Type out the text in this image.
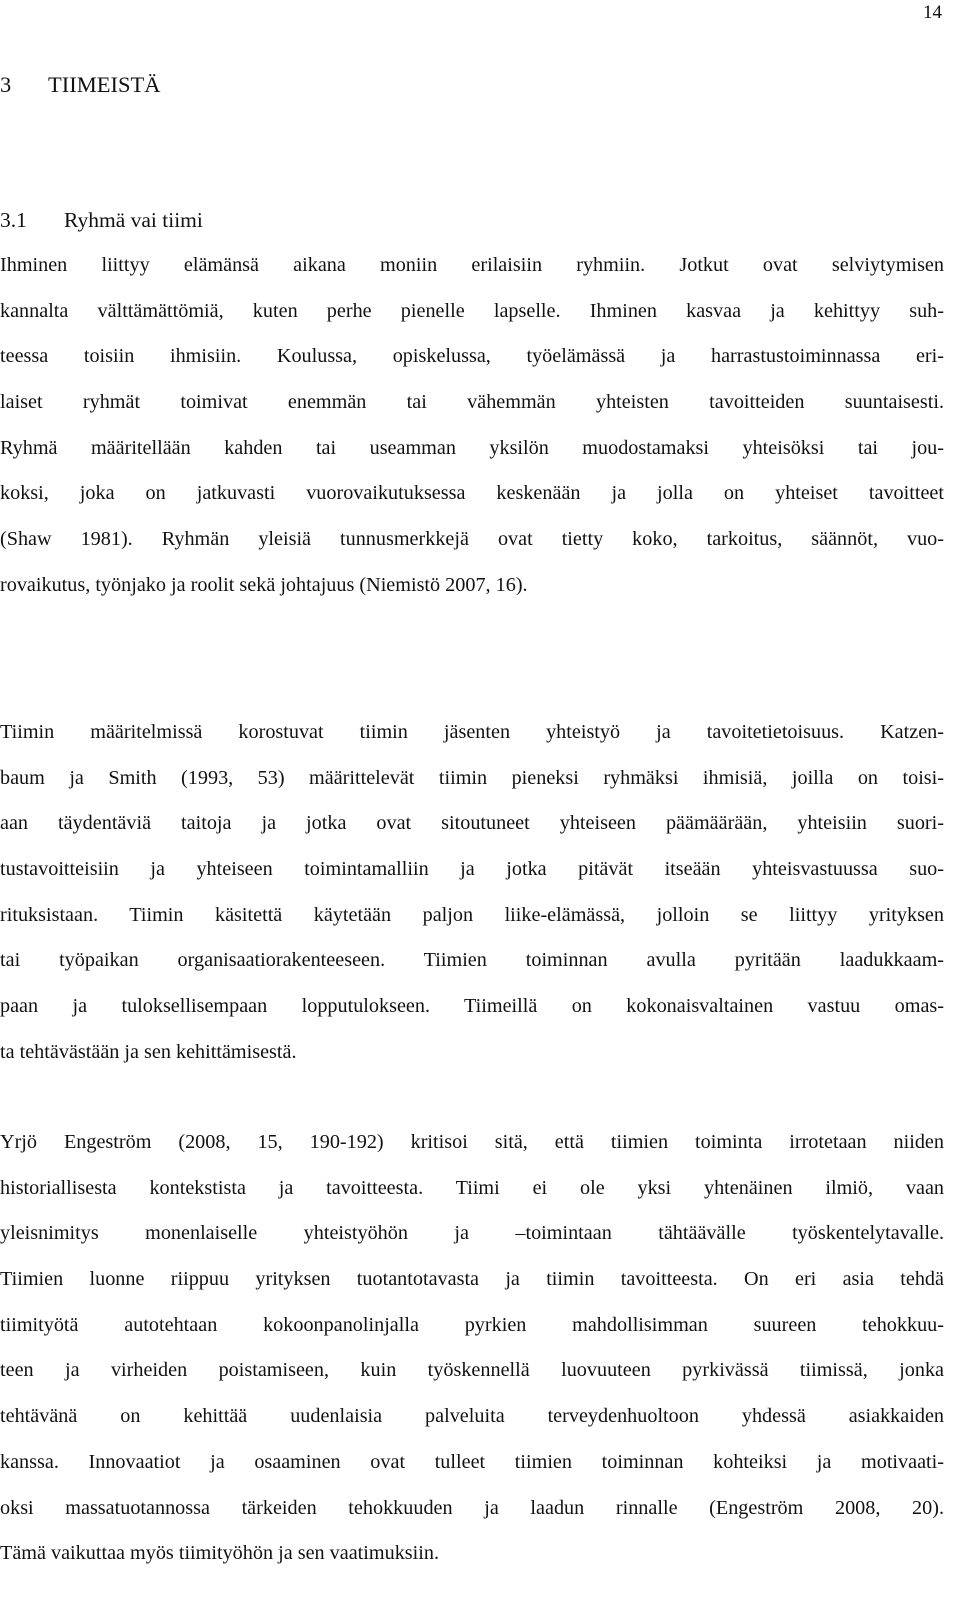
14
3 TIIMEISTÄ
3.1 Ryhmä vai tiimi
Ihminen liittyy elämänsä aikana moniin erilaisiin ryhmiin. Jotkut ovat selviytymisen
kannalta välttämättömiä, kuten perhe pienelle lapselle. Ihminen kasvaa ja kehittyy suh-
teessa toisiin ihmisiin. Koulussa, opiskelussa, työelämässä ja harrastustoiminnassa eri-
laiset ryhmät toimivat enemmän tai vähemmän yhteisten tavoitteiden suuntaisesti.
Ryhmä määritellään kahden tai useamman yksilön muodostamaksi yhteisöksi tai jou-
koksi, joka on jatkuvasti vuorovaikutuksessa keskenään ja jolla on yhteiset tavoitteet
(Shaw 1981). Ryhmän yleisiä tunnusmerkkejä ovat tietty koko, tarkoitus, säännöt, vuo-
rovaikutus, työnjako ja roolit sekä johtajuus (Niemistö 2007, 16).
Tiimin määritelmissä korostuvat tiimin jäsenten yhteistyö ja tavoitetietoisuus. Katzen-
baum ja Smith (1993, 53) määrittelevät tiimin pieneksi ryhmäksi ihmisiä, joilla on toisi-
aan täydentäviä taitoja ja jotka ovat sitoutuneet yhteiseen päämäärään, yhteisiin suori-
tustavoitteisiin ja yhteiseen toimintamalliin ja jotka pitävät itseään yhteisvastuussa suo-
rituksistaan. Tiimin käsitettä käytetään paljon liike-elämässä, jolloin se liittyy yrityksen
tai työpaikan organisaatiorakenteeseen. Tiimien toiminnan avulla pyritään laadukkaam-
paan ja tuloksellisempaan lopputulokseen. Tiimeillä on kokonaisvaltainen vastuu omas-
ta tehtävästään ja sen kehittämisestä.
Yrjö Engeström (2008, 15, 190-192) kritisoi sitä, että tiimien toiminta irrotetaan niiden
historiallisesta kontekstista ja tavoitteesta. Tiimi ei ole yksi yhtenäinen ilmiö, vaan
yleisnimitys monenlaiselle yhteistyöhön ja –toimintaan tähtäävälle työskentelytavalle.
Tiimien luonne riippuu yrityksen tuotantotavasta ja tiimin tavoitteesta. On eri asia tehdä
tiimityötä autotehtaan kokoonpanolinjalla pyrkien mahdollisimman suureen tehokkuu-
teen ja virheiden poistamiseen, kuin työskennellä luovuuteen pyrkivässä tiimissä, jonka
tehtävänä on kehittää uudenlaisia palveluita terveydenhuoltoon yhdessä asiakkaiden
kanssa. Innovaatiot ja osaaminen ovat tulleet tiimien toiminnan kohteiksi ja motivaati-
oksi massatuotannossa tärkeiden tehokkuuden ja laadun rinnalle (Engeström 2008, 20).
Tämä vaikuttaa myös tiimityöhön ja sen vaatimuksiin.
